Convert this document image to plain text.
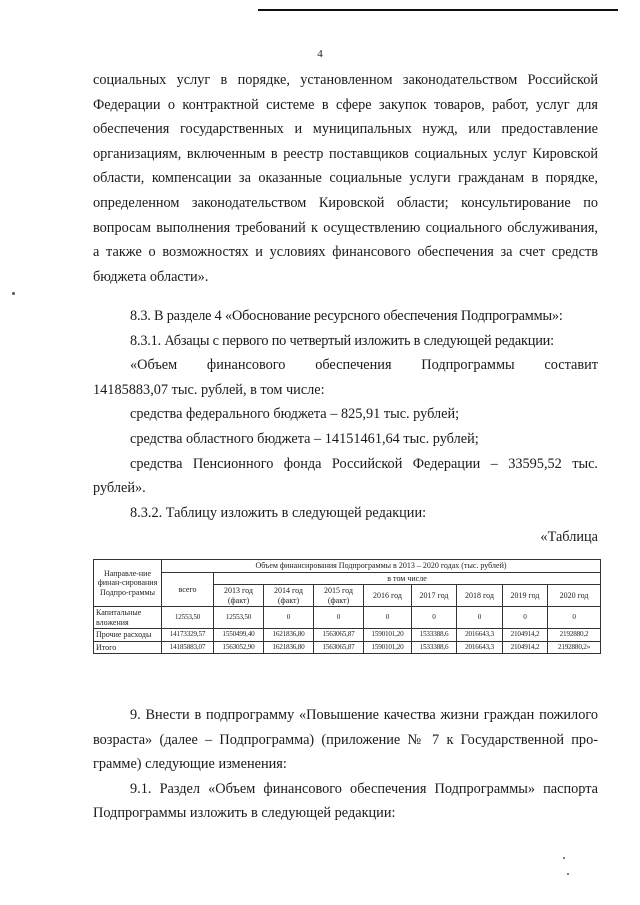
4

социальных услуг в порядке, установленном законодательством Российской

Федерации о контрактной системе в сфере закупок товаров, работ, услуг для

обеспечения государственных и муниципальных нужд, или предоставление

организациям, включенным в реестр поставщиков социальных услуг Кировской

области, компенсации за оказанные социальные услуги гражданам в порядке,

определенном законодательством Кировской области; консультирование по

вопросам выполнения требований к осуществлению социального обслуживания,

а также о возможностях и условиях финансового обеспечения за счет средств

бюджета области».

8.3. В разделе 4 «Обоснование ресурсного обеспечения Подпрограммы»:

8.3.1. Абзацы с первого по четвертый изложить в следующей редакции:

«Объем финансового обеспечения Подпрограммы составит

14185883,07 тыс. рублей, в том числе:

средства федерального бюджета – 825,91 тыс. рублей;

средства областного бюджета – 14151461,64 тыс. рублей;

средства Пенсионного фонда Российской Федерации – 33595,52 тыс.

рублей».

8.3.2. Таблицу изложить в следующей редакции:

«Таблица

Направле-ние финан-сирования Подпро-граммы	Объем финансирования Подпрограммы в 2013 – 2020 годах (тыс. рублей)								
	всего	в том числе							
		2013 год (факт)	2014 год (факт)	2015 год (факт)	2016 год	2017 год	2018 год	2019 год	2020 год
Капитальные вложения	12553,50	12553,50	0	0	0	0	0	0	0
Прочие расходы	14173329,57	1550499,40	1621836,80	1563065,87	1590101,20	1533388,6	2016643,3	2104914,2	2192880,2
Итого	14185883,07	1563052,90	1621836,80	1563065,87	1590101,20	1533388,6	2016643,3	2104914,2	2192880,2»

9. Внести в подпрограмму «Повышение качества жизни граждан пожилого

возраста» (далее – Подпрограмма) (приложение № 7 к Государственной про-

грамме) следующие изменения:

9.1. Раздел «Объем финансового обеспечения Подпрограммы» паспорта

Подпрограммы изложить в следующей редакции:
